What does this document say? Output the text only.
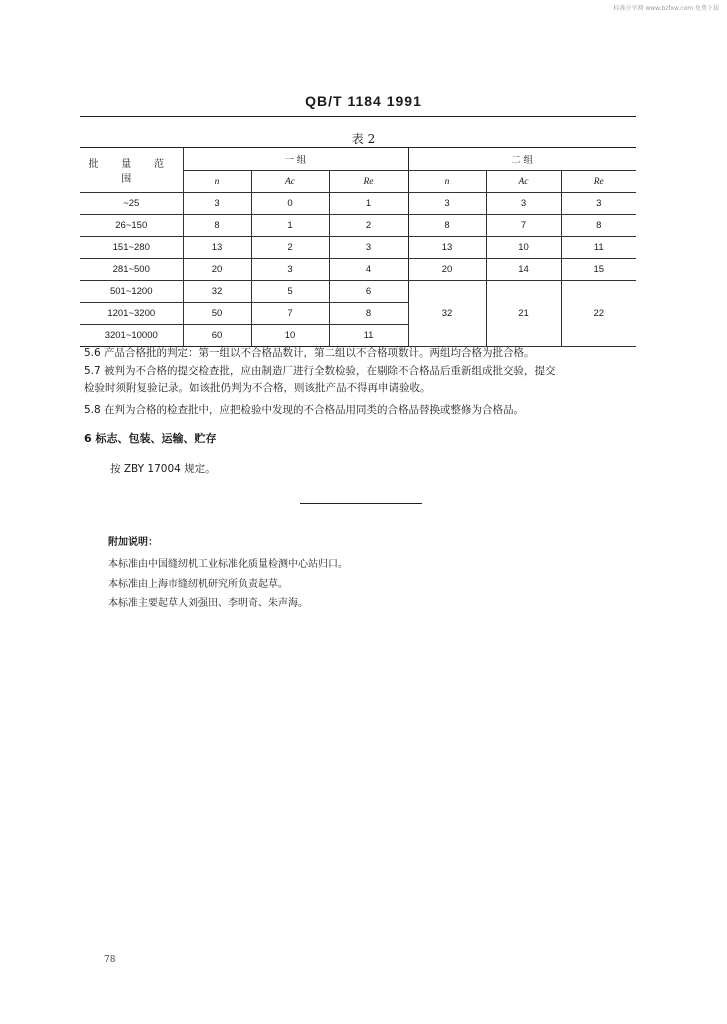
标准分享网 www.bzfxw.com 免费下载
QB/T 1184 1991
表 2
批 量 范 围	一 组			二 组		
	n	Ac	Re	n	Ac	Re
~25	3	0	1	3	3	3
26~150	8	1	2	8	7	8
151~280	13	2	3	13	10	11
281~500	20	3	4	20	14	15
501~1200	32	5	6	32	21	22
1201~3200	50	7	8			
3201~10000	60	10	11			
5.6 产品合格批的判定：第一组以不合格品数计，第二组以不合格项数计。两组均合格为批合格。
5.7 被判为不合格的提交检查批，应由制造厂进行全数检验，在剔除不合格品后重新组成批交验，提交
检验时须附复验记录。如该批仍判为不合格，则该批产品不得再申请验收。
5.8 在判为合格的检查批中，应把检验中发现的不合格品用同类的合格品替换或整修为合格品。
6 标志、包装、运输、贮存
按 ZBY 17004 规定。
附加说明：
本标准由中国缝纫机工业标准化质量检测中心站归口。
本标准由上海市缝纫机研究所负责起草。
本标准主要起草人刘强田、李明奇、朱声海。
78
